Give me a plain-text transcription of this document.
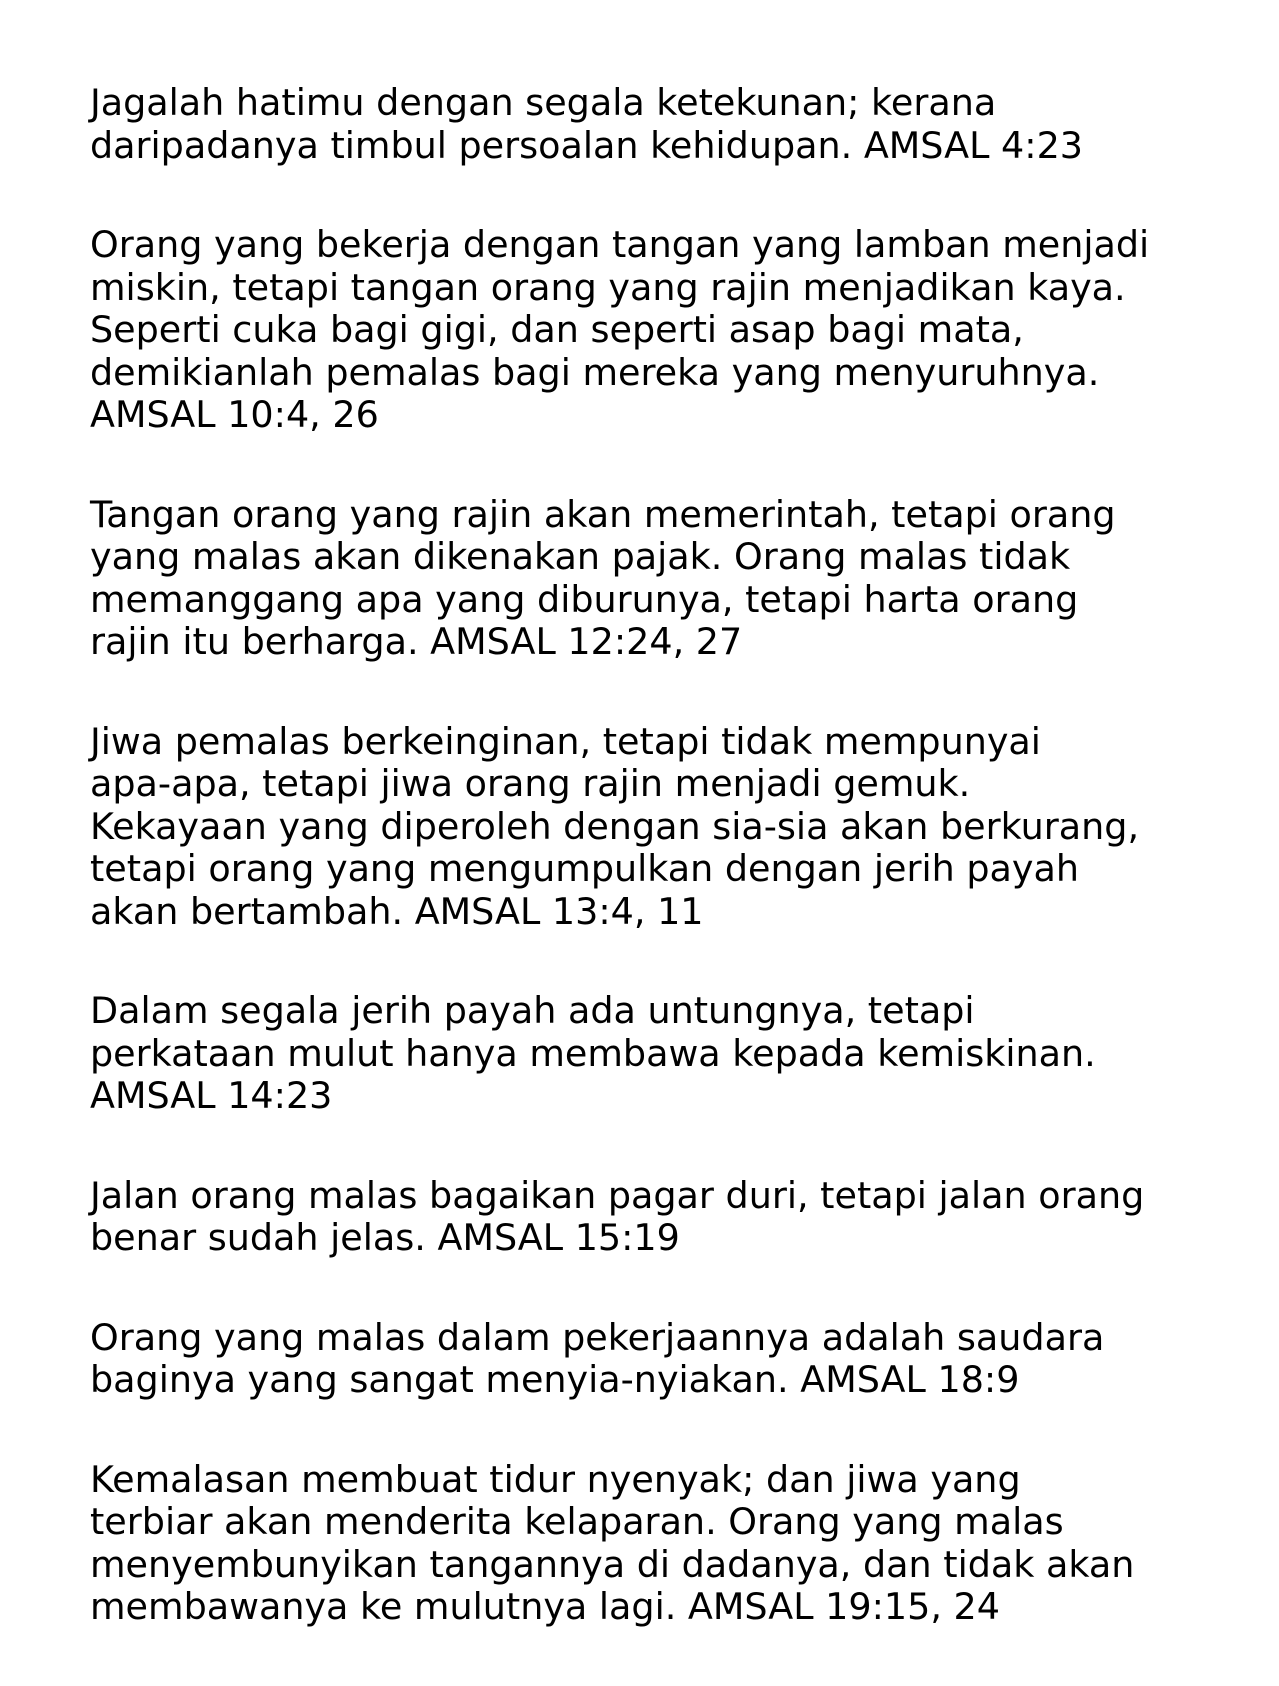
Jagalah hatimu dengan segala ketekunan; kerana
daripadanya timbul persoalan kehidupan. AMSAL 4:23

Orang yang bekerja dengan tangan yang lamban menjadi
miskin, tetapi tangan orang yang rajin menjadikan kaya.
Seperti cuka bagi gigi, dan seperti asap bagi mata,
demikianlah pemalas bagi mereka yang menyuruhnya.
AMSAL 10:4, 26

Tangan orang yang rajin akan memerintah, tetapi orang
yang malas akan dikenakan pajak. Orang malas tidak
memanggang apa yang diburunya, tetapi harta orang
rajin itu berharga. AMSAL 12:24, 27

Jiwa pemalas berkeinginan, tetapi tidak mempunyai
apa-apa, tetapi jiwa orang rajin menjadi gemuk.
Kekayaan yang diperoleh dengan sia-sia akan berkurang,
tetapi orang yang mengumpulkan dengan jerih payah
akan bertambah. AMSAL 13:4, 11

Dalam segala jerih payah ada untungnya, tetapi
perkataan mulut hanya membawa kepada kemiskinan.
AMSAL 14:23

Jalan orang malas bagaikan pagar duri, tetapi jalan orang
benar sudah jelas. AMSAL 15:19

Orang yang malas dalam pekerjaannya adalah saudara
baginya yang sangat menyia-nyiakan. AMSAL 18:9

Kemalasan membuat tidur nyenyak; dan jiwa yang
terbiar akan menderita kelaparan. Orang yang malas
menyembunyikan tangannya di dadanya, dan tidak akan
membawanya ke mulutnya lagi. AMSAL 19:15, 24
